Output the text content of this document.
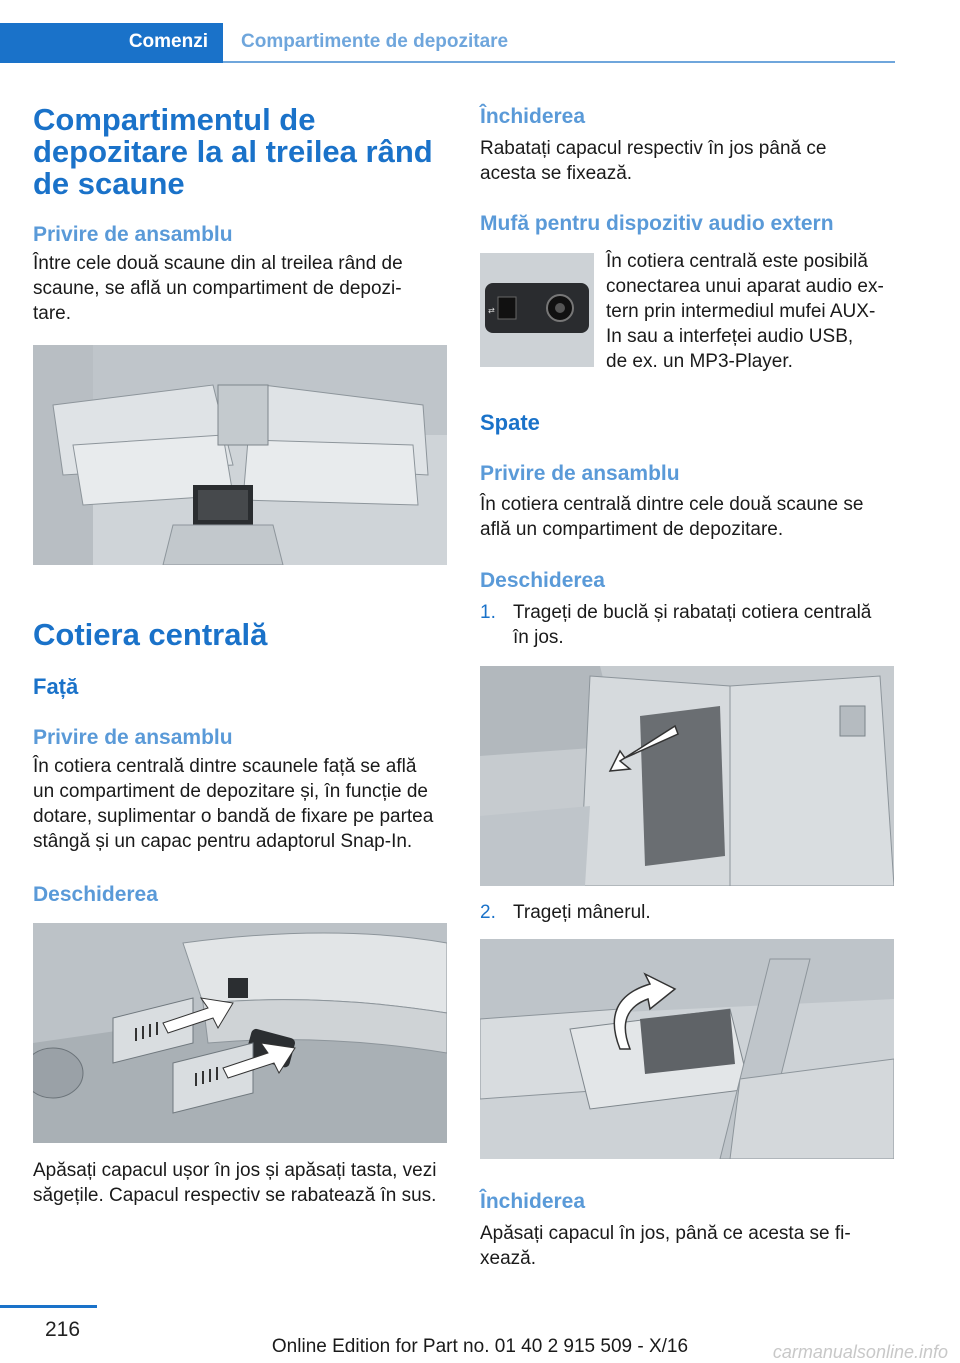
Comenzi Compartimente de depozitare
Compartimentul de
depozitare la al treilea rând
de scaune
Privire de ansamblu

Între cele două scaune din al treilea rând de
scaune, se află un compartiment de depozi‐
tare.

Cotiera centrală
Față
Privire de ansamblu

În cotiera centrală dintre scaunele față se află
un compartiment de depozitare și, în funcție de
dotare, suplimentar o bandă de fixare pe partea
stângă și un capac pentru adaptorul Snap-In.

Deschiderea

Apăsați capacul ușor în jos și apăsați tasta, vezi
săgețile. Capacul respectiv se rabatează în sus.

Închiderea

Rabatați capacul respectiv în jos până ce
acesta se fixează.

Mufă pentru dispozitiv audio extern
⇄

În cotiera centrală este posibilă
conectarea unui aparat audio ex‐
tern prin intermediul mufei AUX-
In sau a interfeței audio USB,
de ex. un MP3-Player.

Spate
Privire de ansamblu

În cotiera centrală dintre cele două scaune se
află un compartiment de depozitare.

Deschiderea
1. Trageți de buclă și rabatați cotiera centrală
în jos.

2. Trageți mânerul.

Închiderea

Apăsați capacul în jos, până ce acesta se fi‐
xează.

216
Online Edition for Part no. 01 40 2 915 509 - X/16	carmanualsonline.info
